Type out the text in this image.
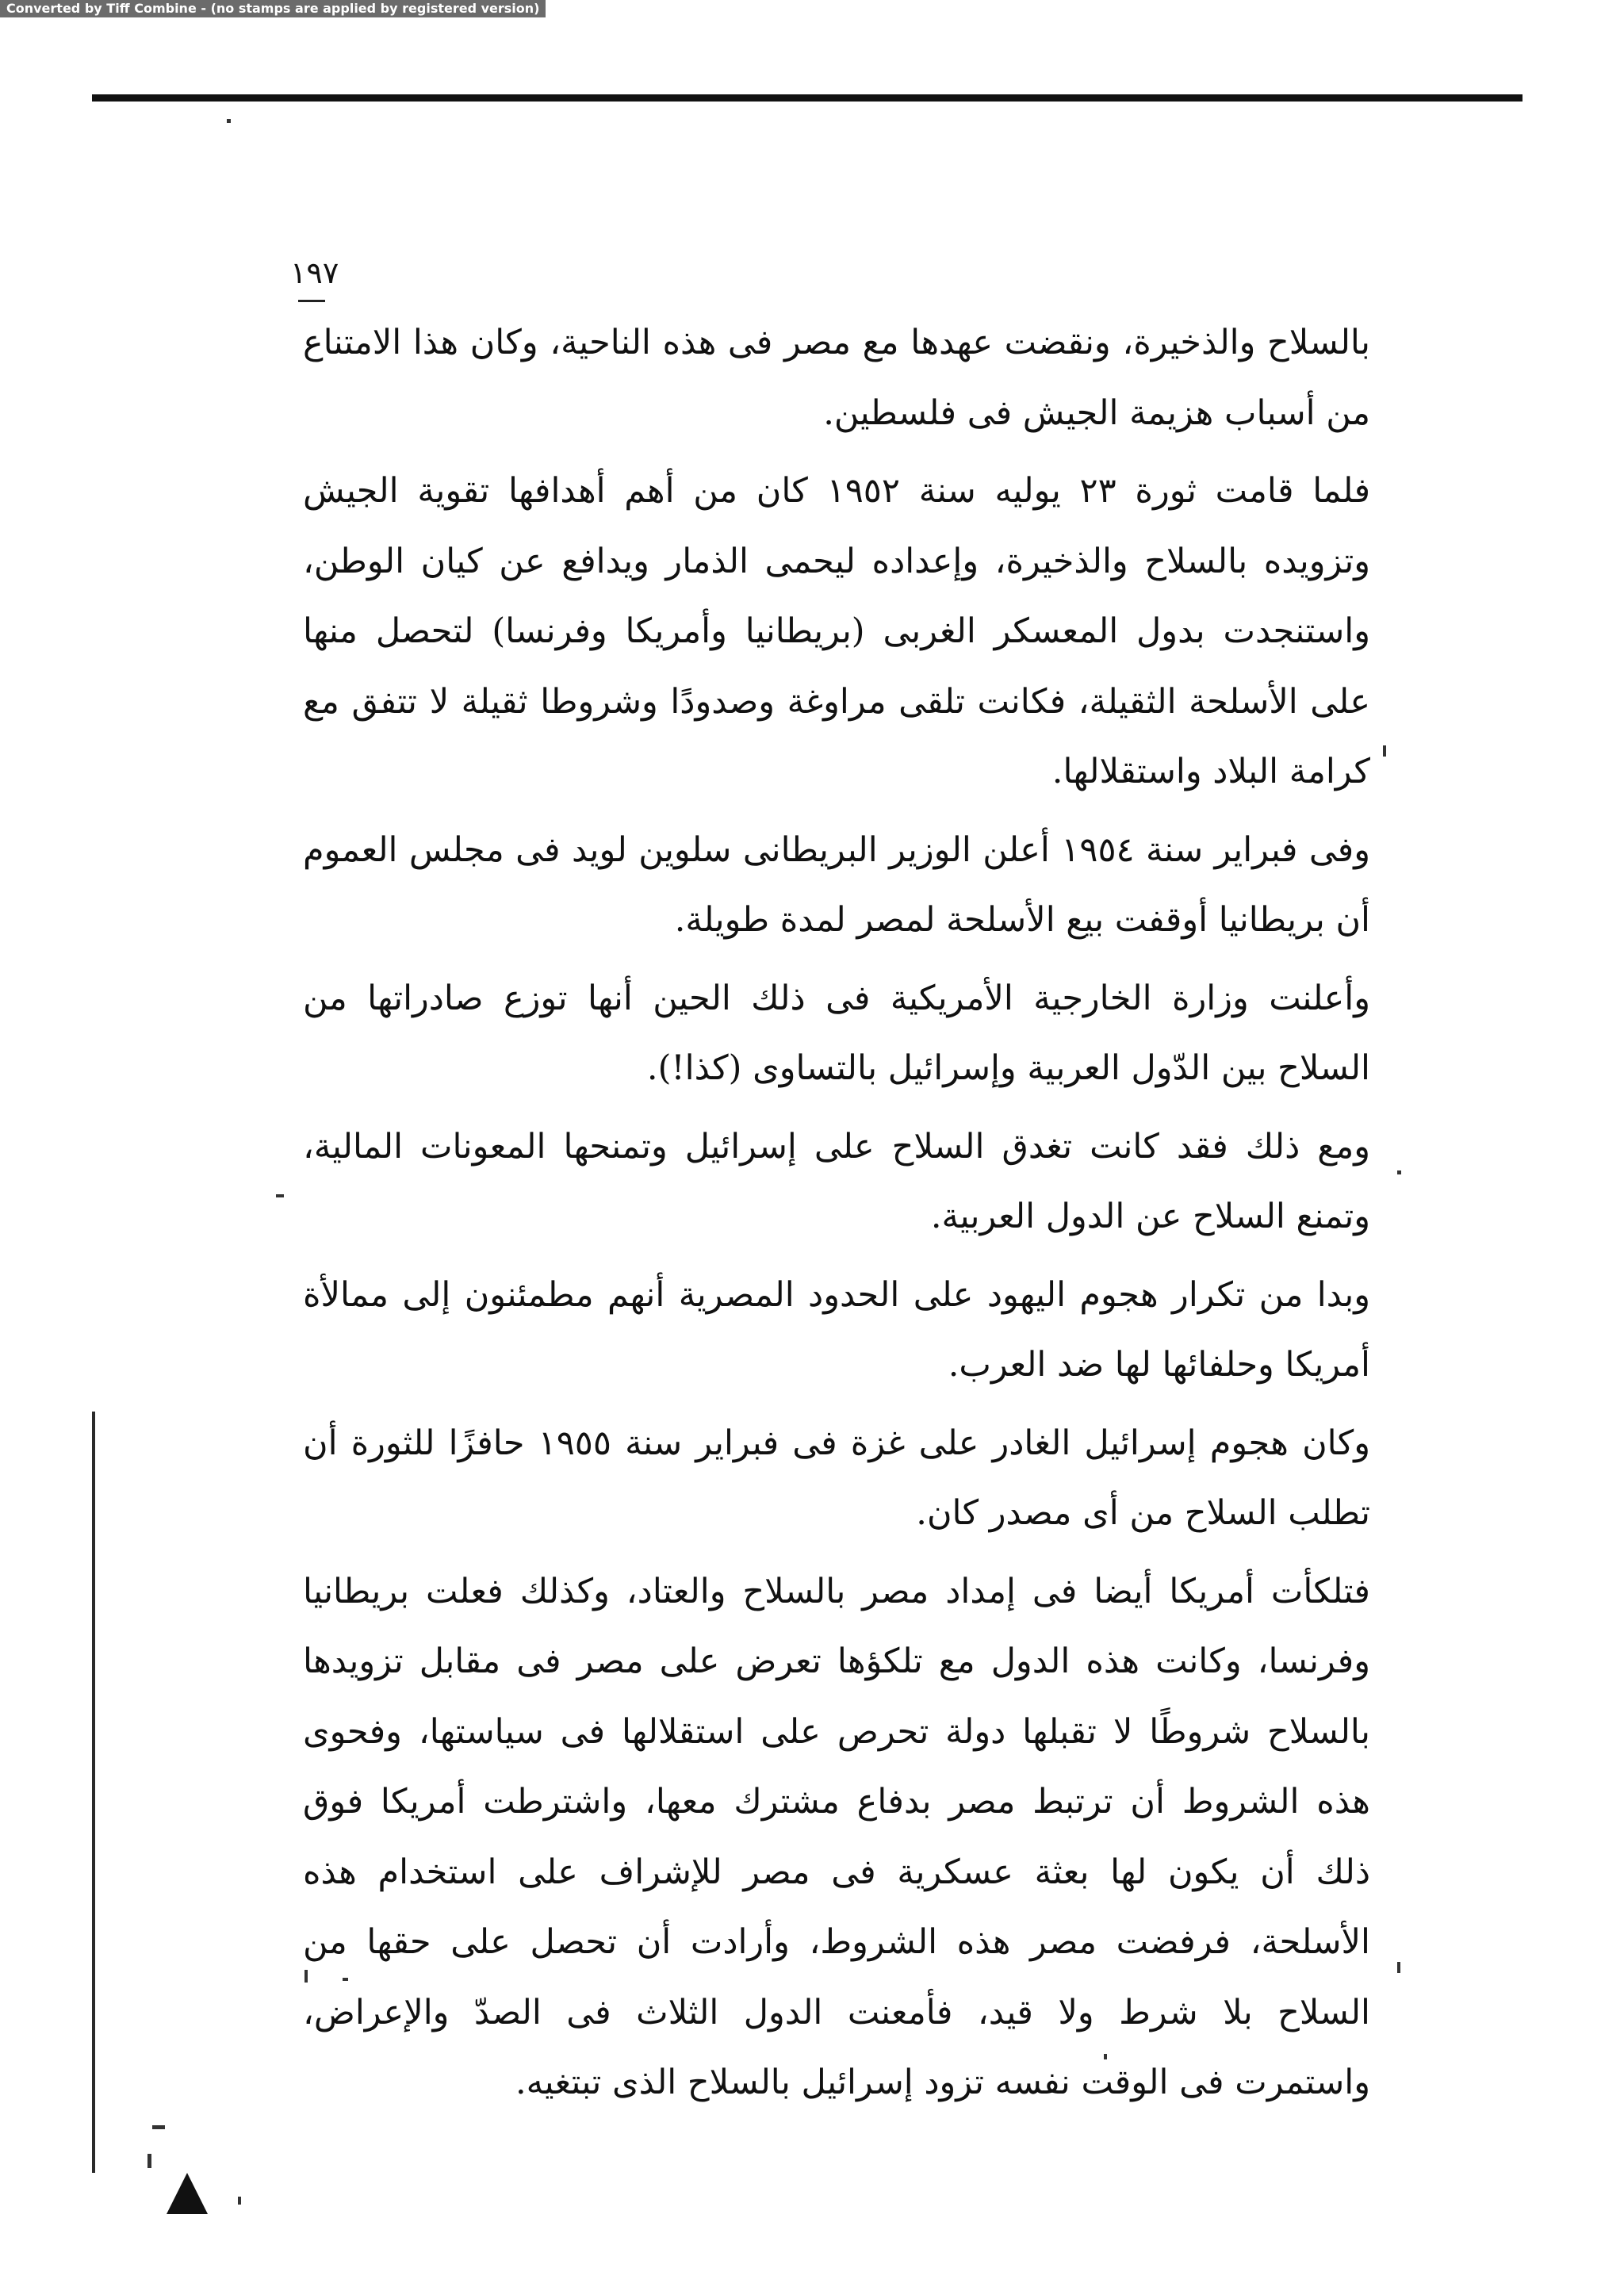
Converted by Tiff Combine - (no stamps are applied by registered version)
١٩٧
بالسلاح والذخيرة، ونقضت عهدها مع مصر فى هذه الناحية، وكان هذا الامتناع من أسباب هزيمة الجيش فى فلسطين.
فلما قامت ثورة ٢٣ يوليه سنة ١٩٥٢ كان من أهم أهدافها تقوية الجيش وتزويده بالسلاح والذخيرة، وإعداده ليحمى الذمار ويدافع عن كيان الوطن، واستنجدت بدول المعسكر الغربى (بريطانيا وأمريكا وفرنسا) لتحصل منها على الأسلحة الثقيلة، فكانت تلقى مراوغة وصدودًا وشروطا ثقيلة لا تتفق مع كرامة البلاد واستقلالها.
وفى فبراير سنة ١٩٥٤ أعلن الوزير البريطانى سلوين لويد فى مجلس العموم أن بريطانيا أوقفت بيع الأسلحة لمصر لمدة طويلة.
وأعلنت وزارة الخارجية الأمريكية فى ذلك الحين أنها توزع صادراتها من السلاح بين الدّول العربية وإسرائيل بالتساوى (كذا!).
ومع ذلك فقد كانت تغدق السلاح على إسرائيل وتمنحها المعونات المالية، وتمنع السلاح عن الدول العربية.
وبدا من تكرار هجوم اليهود على الحدود المصرية أنهم مطمئنون إلى ممالأة أمريكا وحلفائها لها ضد العرب.
وكان هجوم إسرائيل الغادر على غزة فى فبراير سنة ١٩٥٥ حافزًا للثورة أن تطلب السلاح من أى مصدر كان.
فتلكأت أمريكا أيضا فى إمداد مصر بالسلاح والعتاد، وكذلك فعلت بريطانيا وفرنسا، وكانت هذه الدول مع تلكؤها تعرض على مصر فى مقابل تزويدها بالسلاح شروطًا لا تقبلها دولة تحرص على استقلالها فى سياستها، وفحوى هذه الشروط أن ترتبط مصر بدفاع مشترك معها، واشترطت أمريكا فوق ذلك أن يكون لها بعثة عسكرية فى مصر للإشراف على استخدام هذه الأسلحة، فرفضت مصر هذه الشروط، وأرادت أن تحصل على حقها من السلاح بلا شرط ولا قيد، فأمعنت الدول الثلاث فى الصدّ والإعراض، واستمرت فى الوقت نفسه تزود إسرائيل بالسلاح الذى تبتغيه.
